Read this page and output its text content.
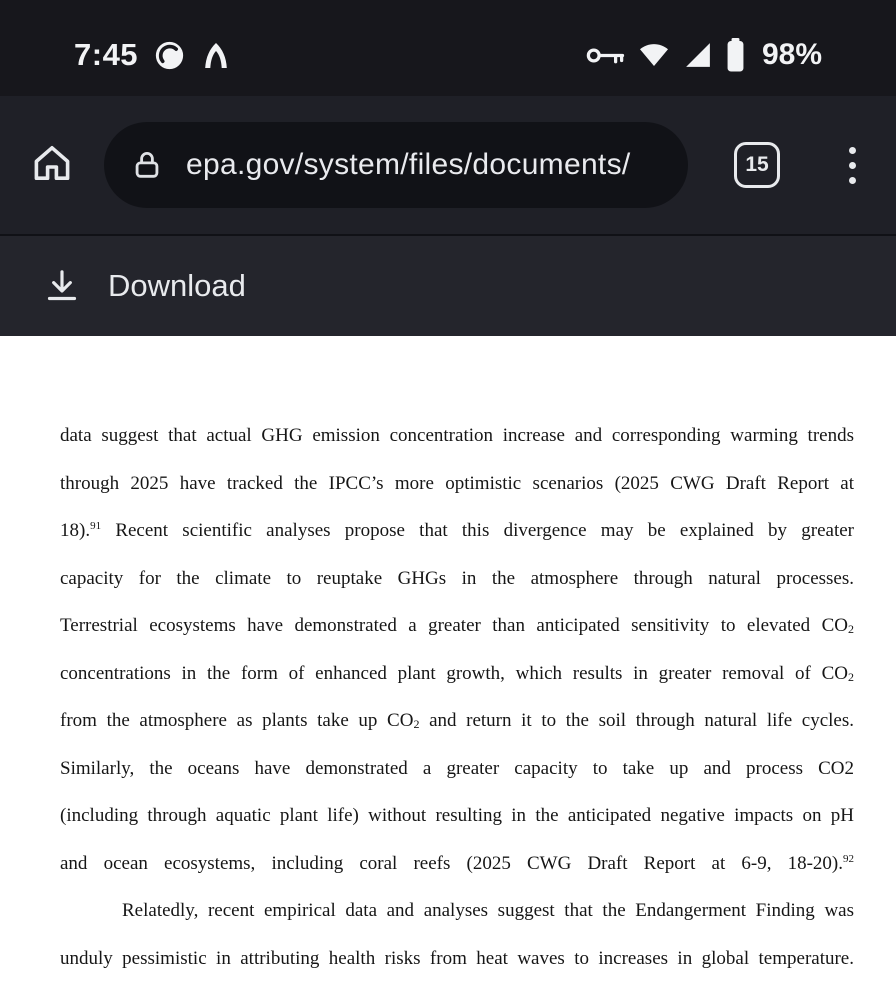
7:45	98%
epa.gov/system/files/documents/	15
Download
data suggest that actual GHG emission concentration increase and corresponding warming trends
through 2025 have tracked the IPCC’s more optimistic scenarios (2025 CWG Draft Report at
18).$^{91}$ Recent scientific analyses propose that this divergence may be explained by greater
capacity for the climate to reuptake GHGs in the atmosphere through natural processes.
Terrestrial ecosystems have demonstrated a greater than anticipated sensitivity to elevated $CO_2$
concentrations in the form of enhanced plant growth, which results in greater removal of $CO_2$
from the atmosphere as plants take up $CO_2$ and return it to the soil through natural life cycles.
Similarly, the oceans have demonstrated a greater capacity to take up and process CO2
(including through aquatic plant life) without resulting in the anticipated negative impacts on pH
and ocean ecosystems, including coral reefs (2025 CWG Draft Report at 6-9, 18-20).$^{92}$
Relatedly, recent empirical data and analyses suggest that the Endangerment Finding was
unduly pessimistic in attributing health risks from heat waves to increases in global temperature.
